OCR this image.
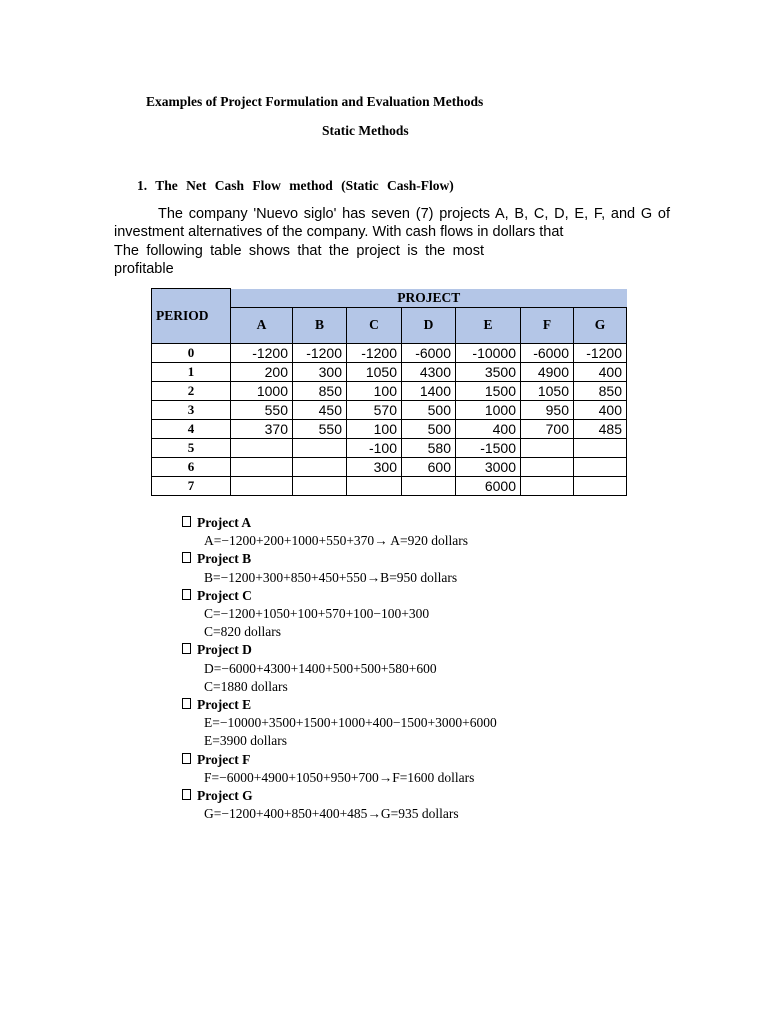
Examples of Project Formulation and Evaluation Methods
Static Methods
1. The Net Cash Flow method (Static Cash-Flow)
The company 'Nuevo siglo' has seven (7) projects A, B, C, D, E, F, and G of
investment alternatives of the company. With cash flows in dollars that
The following table shows that the project is the most
profitable
PERIOD	PROJECT						
	A	B	C	D	E	F	G
0	-1200	-1200	-1200	-6000	-10000	-6000	-1200
1	200	300	1050	4300	3500	4900	400
2	1000	850	100	1400	1500	1050	850
3	550	450	570	500	1000	950	400
4	370	550	100	500	400	700	485
5			-100	580	-1500		
6			300	600	3000		
7					6000		
Project A
A=−1200+200+1000+550+370→ A=920 dollars
Project B
B=−1200+300+850+450+550→B=950 dollars
Project C
C=−1200+1050+100+570+100−100+300
C=820 dollars
Project D
D=−6000+4300+1400+500+500+580+600
C=1880 dollars
Project E
E=−10000+3500+1500+1000+400−1500+3000+6000
E=3900 dollars
Project F
F=−6000+4900+1050+950+700→F=1600 dollars
Project G
G=−1200+400+850+400+485→G=935 dollars
